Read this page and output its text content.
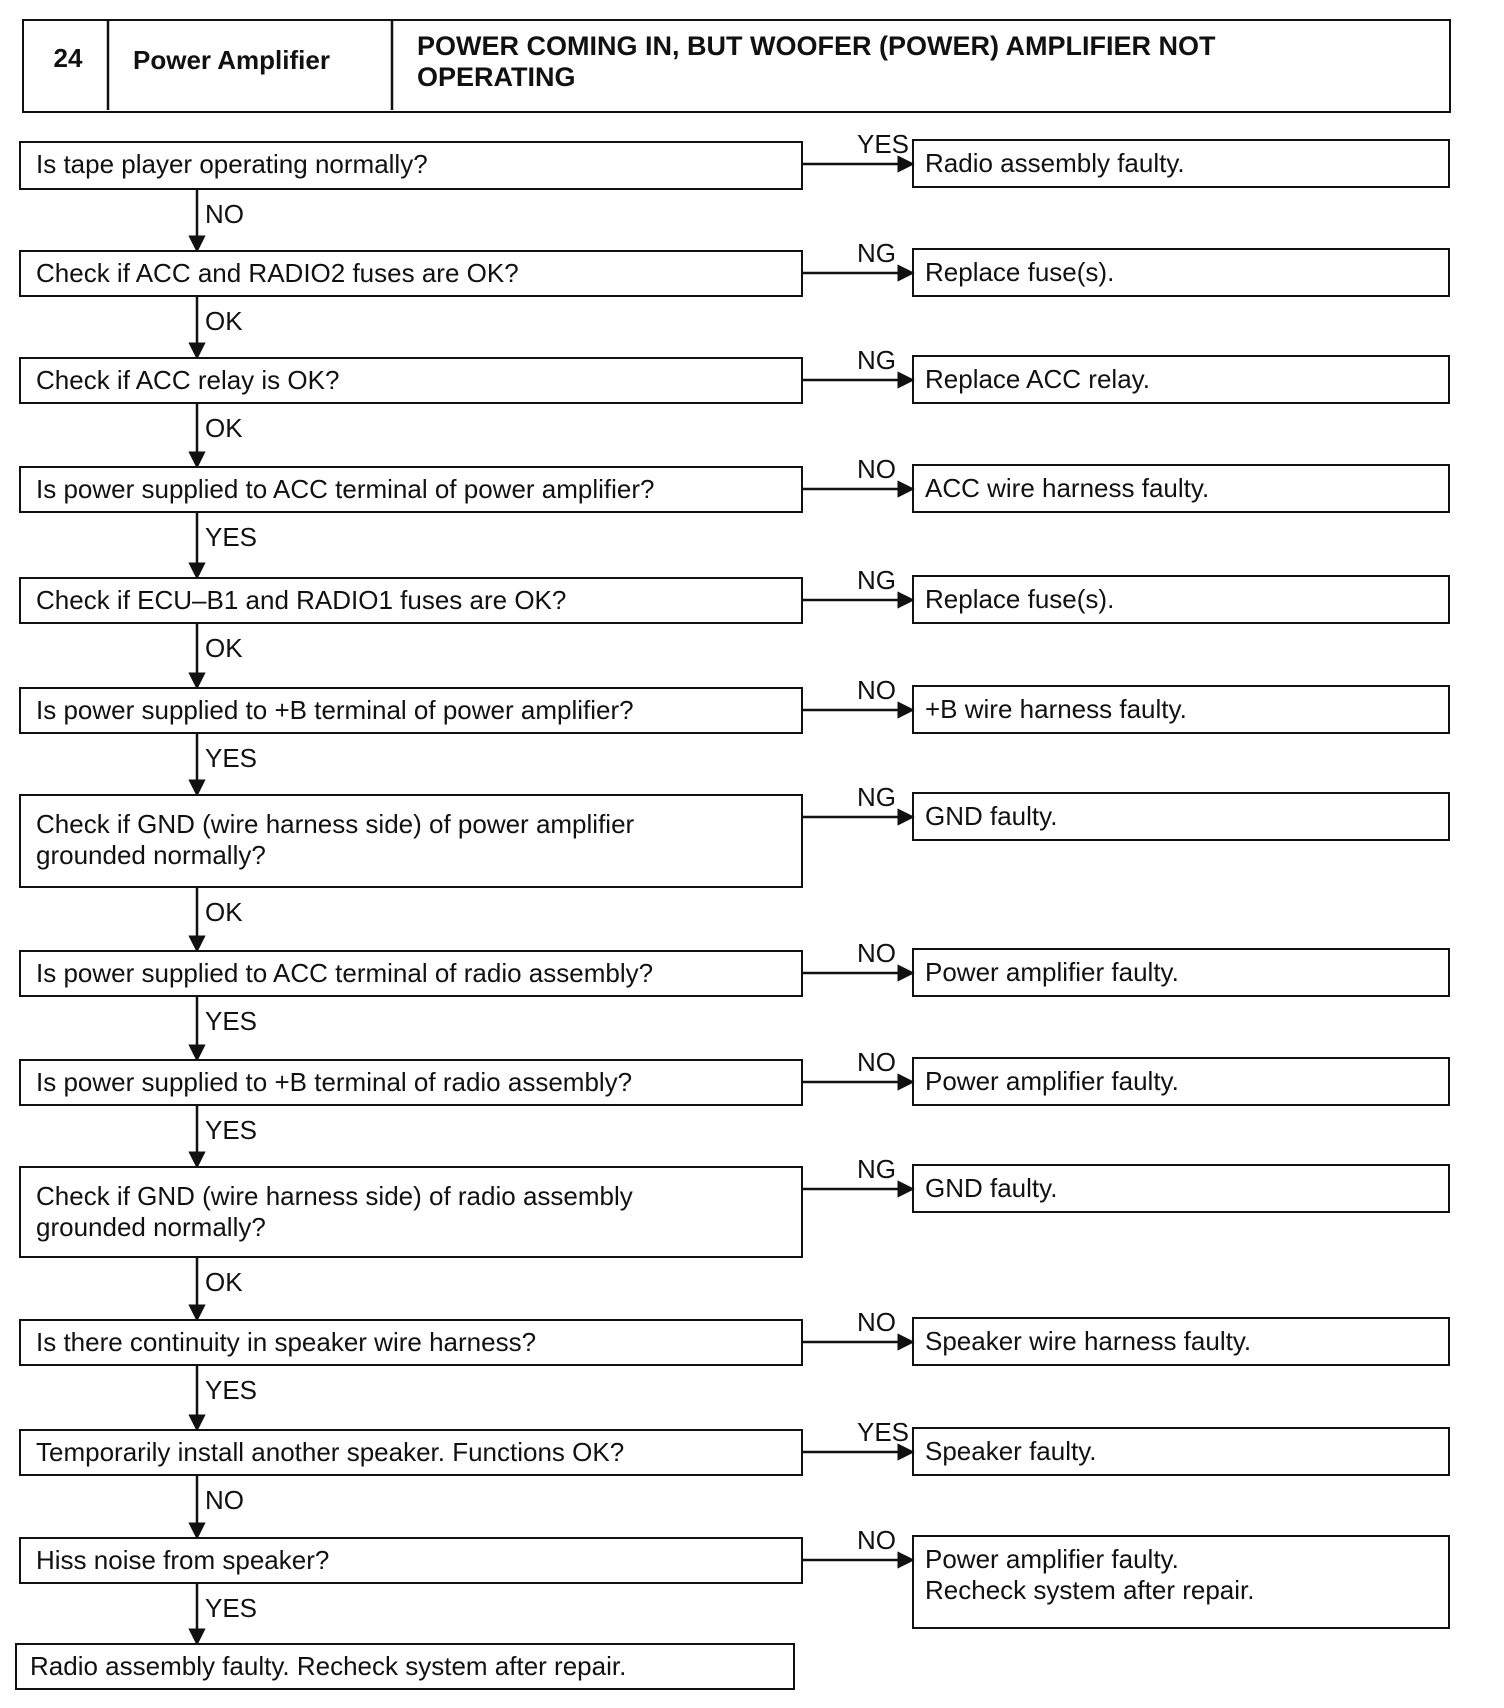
24 Power Amplifier	POWER COMING IN, BUT WOOFER (POWER) AMPLIFIER NOT
OPERATING
Is tape player operating normally?	Radio assembly faulty.
YES
NO
Check if ACC and RADIO2 fuses are OK?	Replace fuse(s).
NG
OK
Check if ACC relay is OK?	Replace ACC relay.
NG
OK
Is power supplied to ACC terminal of power amplifier?	ACC wire harness faulty.
NO
YES
Check if ECU–B1 and RADIO1 fuses are OK?	Replace fuse(s).
NG
OK
Is power supplied to +B terminal of power amplifier?	+B wire harness faulty.
NO
YES
Check if GND (wire harness side) of power amplifier
grounded normally?
GND faulty.
NG
OK
Is power supplied to ACC terminal of radio assembly?	Power amplifier faulty.
NO
YES
Is power supplied to +B terminal of radio assembly?	Power amplifier faulty.
NO
YES
Check if GND (wire harness side) of radio assembly
grounded normally?
GND faulty.
NG
OK
Is there continuity in speaker wire harness?	Speaker wire harness faulty.
NO
YES
Temporarily install another speaker. Functions OK?	Speaker faulty.
YES
NO
Hiss noise from speaker?	Power amplifier faulty.
Recheck system after repair.
NO
YES
Radio assembly faulty. Recheck system after repair.
